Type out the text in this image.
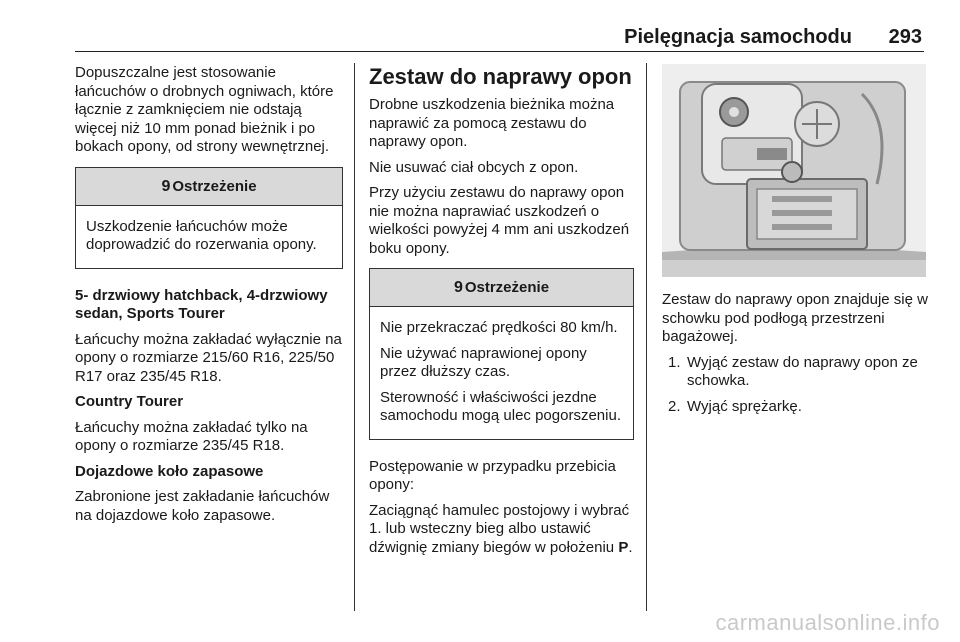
Pielęgnacja samochodu 293

Dopuszczalne jest stosowanie łańcuchów o drobnych ogniwach, które łącznie z zamknięciem nie odstają więcej niż 10 mm ponad bieżnik i po bokach opony, od strony wewnętrznej.

9 Ostrzeżenie

Uszkodzenie łańcuchów może doprowadzić do rozerwania opony.

5- drzwiowy hatchback, 4-drzwiowy sedan, Sports Tourer

Łańcuchy można zakładać wyłącznie na opony o rozmiarze 215/60 R16, 225/50 R17 oraz 235/45 R18.

Country Tourer

Łańcuchy można zakładać tylko na opony o rozmiarze 235/45 R18.

Dojazdowe koło zapasowe

Zabronione jest zakładanie łańcuchów na dojazdowe koło zapasowe.

Zestaw do naprawy opon

Drobne uszkodzenia bieżnika można naprawić za pomocą zestawu do naprawy opon.

Nie usuwać ciał obcych z opon.

Przy użyciu zestawu do naprawy opon nie można naprawiać uszkodzeń o wielkości powyżej 4 mm ani uszkodzeń boku opony.

9 Ostrzeżenie

Nie przekraczać prędkości 80 km/h.

Nie używać naprawionej opony przez dłuższy czas.

Sterowność i właściwości jezdne samochodu mogą ulec pogorszeniu.

Postępowanie w przypadku przebicia opony:

Zaciągnąć hamulec postojowy i wybrać 1. lub wsteczny bieg albo ustawić dźwignię zmiany biegów w położeniu P.

Zestaw do naprawy opon znajduje się w schowku pod podłogą przestrzeni bagażowej.

1. Wyjąć zestaw do naprawy opon ze schowka.
2. Wyjąć sprężarkę.
carmanualsonline.info
